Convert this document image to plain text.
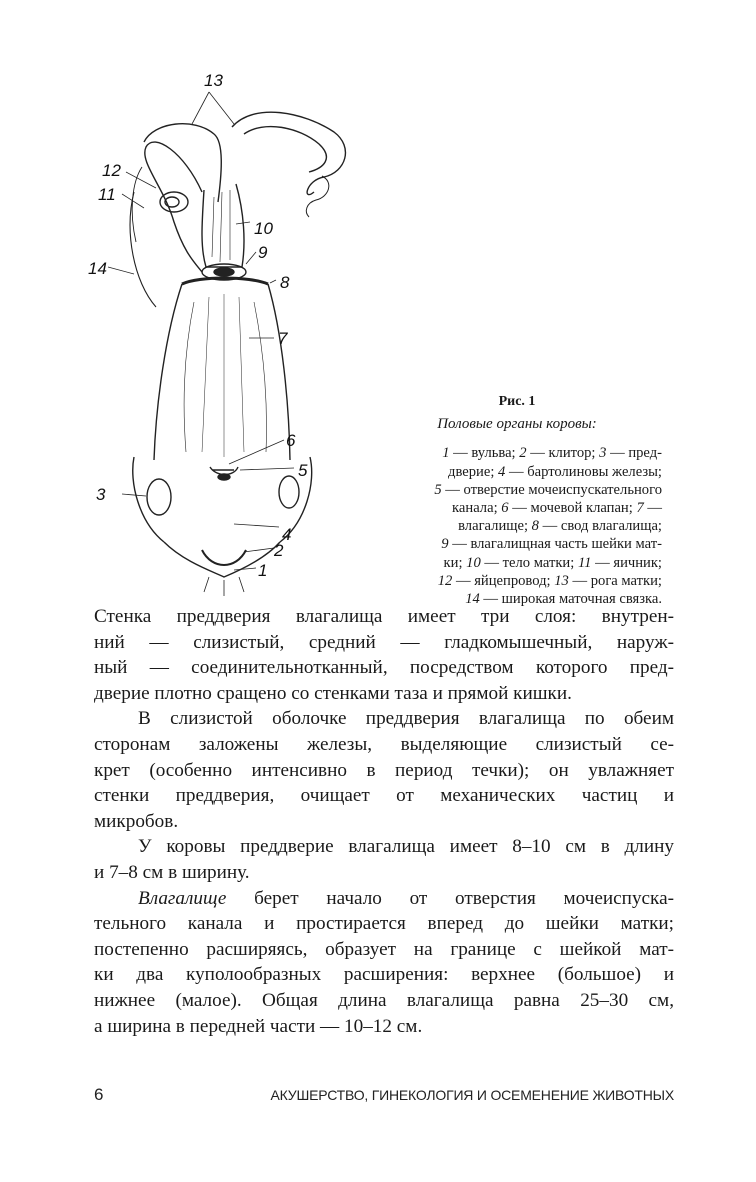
13
12
11
10
9
14
8
7
6
5
3
4
2
1
Рис. 1
Половые органы коровы:
1 — вульва; 2 — клитор; 3 — пред-
дверие; 4 — бартолиновы железы;
5 — отверстие мочеиспускательного
канала; 6 — мочевой клапан; 7 —
влагалище; 8 — свод влагалища;
9 — влагалищная часть шейки мат-
ки; 10 — тело матки; 11 — яичник;
12 — яйцепровод; 13 — рога матки;
14 — широкая маточная связка.

Стенка преддверия влагалища имеет три слоя: внутрен-
ний — слизистый, средний — гладкомышечный, наруж-
ный — соединительнотканный, посредством которого пред-
дверие плотно сращено со стенками таза и прямой кишки.

В слизистой оболочке преддверия влагалища по обеим
сторонам заложены железы, выделяющие слизистый се-
крет (особенно интенсивно в период течки); он увлажняет
стенки преддверия, очищает от механических частиц и
микробов.

У коровы преддверие влагалища имеет 8–10 см в длину
и 7–8 см в ширину.

Влагалище берет начало от отверстия мочеиспуска-
тельного канала и простирается вперед до шейки матки;
постепенно расширяясь, образует на границе с шейкой мат-
ки два куполообразных расширения: верхнее (большое) и
нижнее (малое). Общая длина влагалища равна 25–30 см,
а ширина в передней части — 10–12 см.

6	АКУШЕРСТВО, ГИНЕКОЛОГИЯ И ОСЕМЕНЕНИЕ ЖИВОТНЫХ
